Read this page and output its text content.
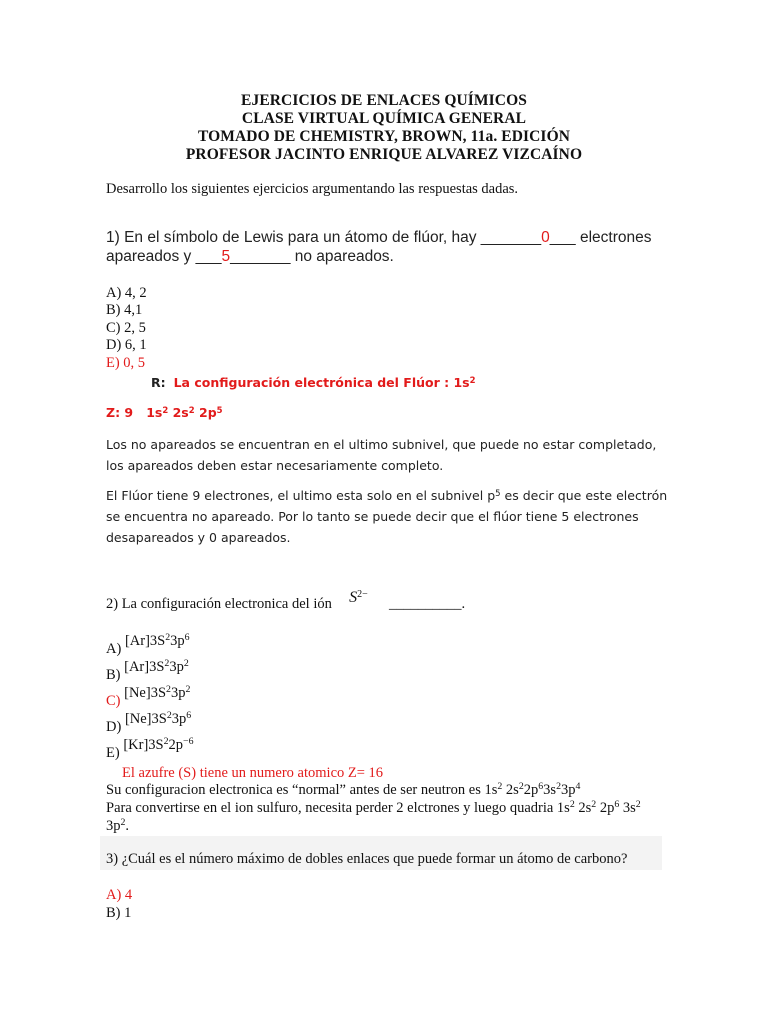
EJERCICIOS DE ENLACES QUÍMICOS
CLASE VIRTUAL QUÍMICA GENERAL
TOMADO DE CHEMISTRY, BROWN, 11a. EDICIÓN
PROFESOR JACINTO ENRIQUE ALVAREZ VIZCAÍNO
Desarrollo los siguientes ejercicios argumentando las respuestas dadas.
1) En el símbolo de Lewis para un átomo de flúor, hay _______0___ electrones
apareados y ___5_______ no apareados.
A) 4, 2
B) 4,1
C) 2, 5
D) 6, 1
E) 0, 5
R: La configuración electrónica del Flúor : $1s^2$
Z: 9 $1s^2$ $2s^2$ $2p^5$
Los no apareados se encuentran en el ultimo subnivel, que puede no estar completado,
los apareados deben estar necesariamente completo.
El Flúor tiene 9 electrones, el ultimo esta solo en el subnivel $p^5$ es decir que este electrón
se encuentra no apareado. Por lo tanto se puede decir que el flúor tiene 5 electrones
desapareados y 0 apareados.
2) La configuración electronica del ión $S^{2-}$  __________.
A) $[Ar]3S^23p^6$
B) $[Ar]3S^23p^2$
C) $[Ne]3S^23p^2$
D) $[Ne]3S^23p^6$
E) $[Kr]3S^22p^{-6}$
El azufre (S) tiene un numero atomico Z= 16
Su configuracion electronica es “normal” antes de ser neutron es $1s^2$ $2s^22p^63s^23p^4$
Para convertirse en el ion sulfuro, necesita perder 2 elctrones y luego quadria $1s^2$ $2s^2$ $2p^6$ $3s^2$
$3p^2$.
3) ¿Cuál es el número máximo de dobles enlaces que puede formar un átomo de carbono?
A) 4
B) 1
